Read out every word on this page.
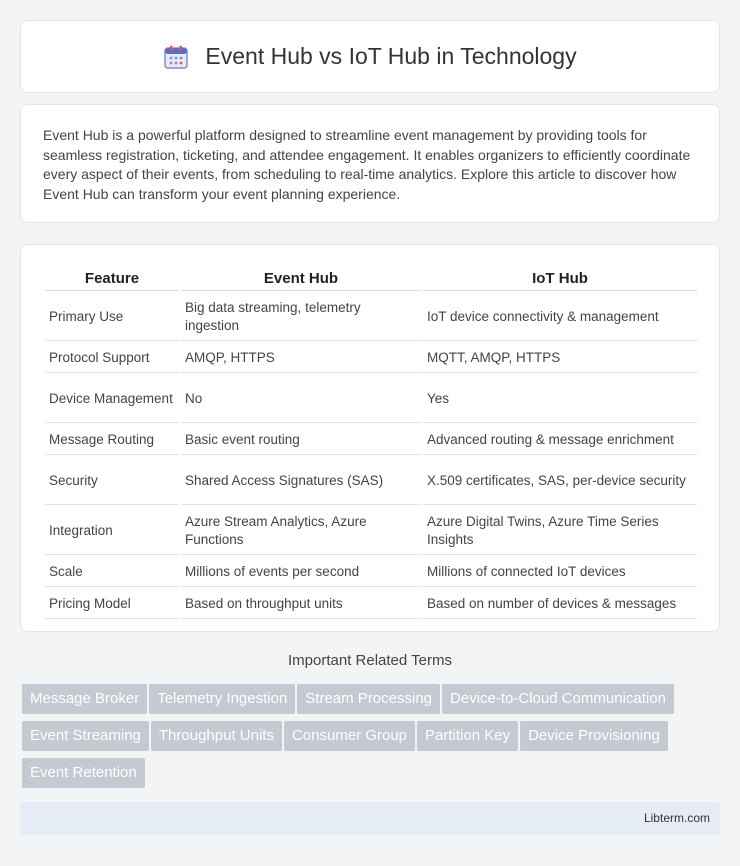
Event Hub vs IoT Hub in Technology

Event Hub is a powerful platform designed to streamline event management by providing tools for seamless registration, ticketing, and attendee engagement. It enables organizers to efficiently coordinate every aspect of their events, from scheduling to real-time analytics. Explore this article to discover how Event Hub can transform your event planning experience.

Feature	Event Hub	IoT Hub
Primary Use	Big data streaming, telemetry ingestion	IoT device connectivity & management
Protocol Support	AMQP, HTTPS	MQTT, AMQP, HTTPS
Device Management	No	Yes
Message Routing	Basic event routing	Advanced routing & message enrichment
Security	Shared Access Signatures (SAS)	X.509 certificates, SAS, per-device security
Integration	Azure Stream Analytics, Azure Functions	Azure Digital Twins, Azure Time Series Insights
Scale	Millions of events per second	Millions of connected IoT devices
Pricing Model	Based on throughput units	Based on number of devices & messages
Important Related Terms
Message Broker Telemetry Ingestion Stream Processing Device-to-Cloud CommunicationEvent Streaming Throughput Units Consumer Group Partition Key Device ProvisioningEvent Retention
Libterm.com
